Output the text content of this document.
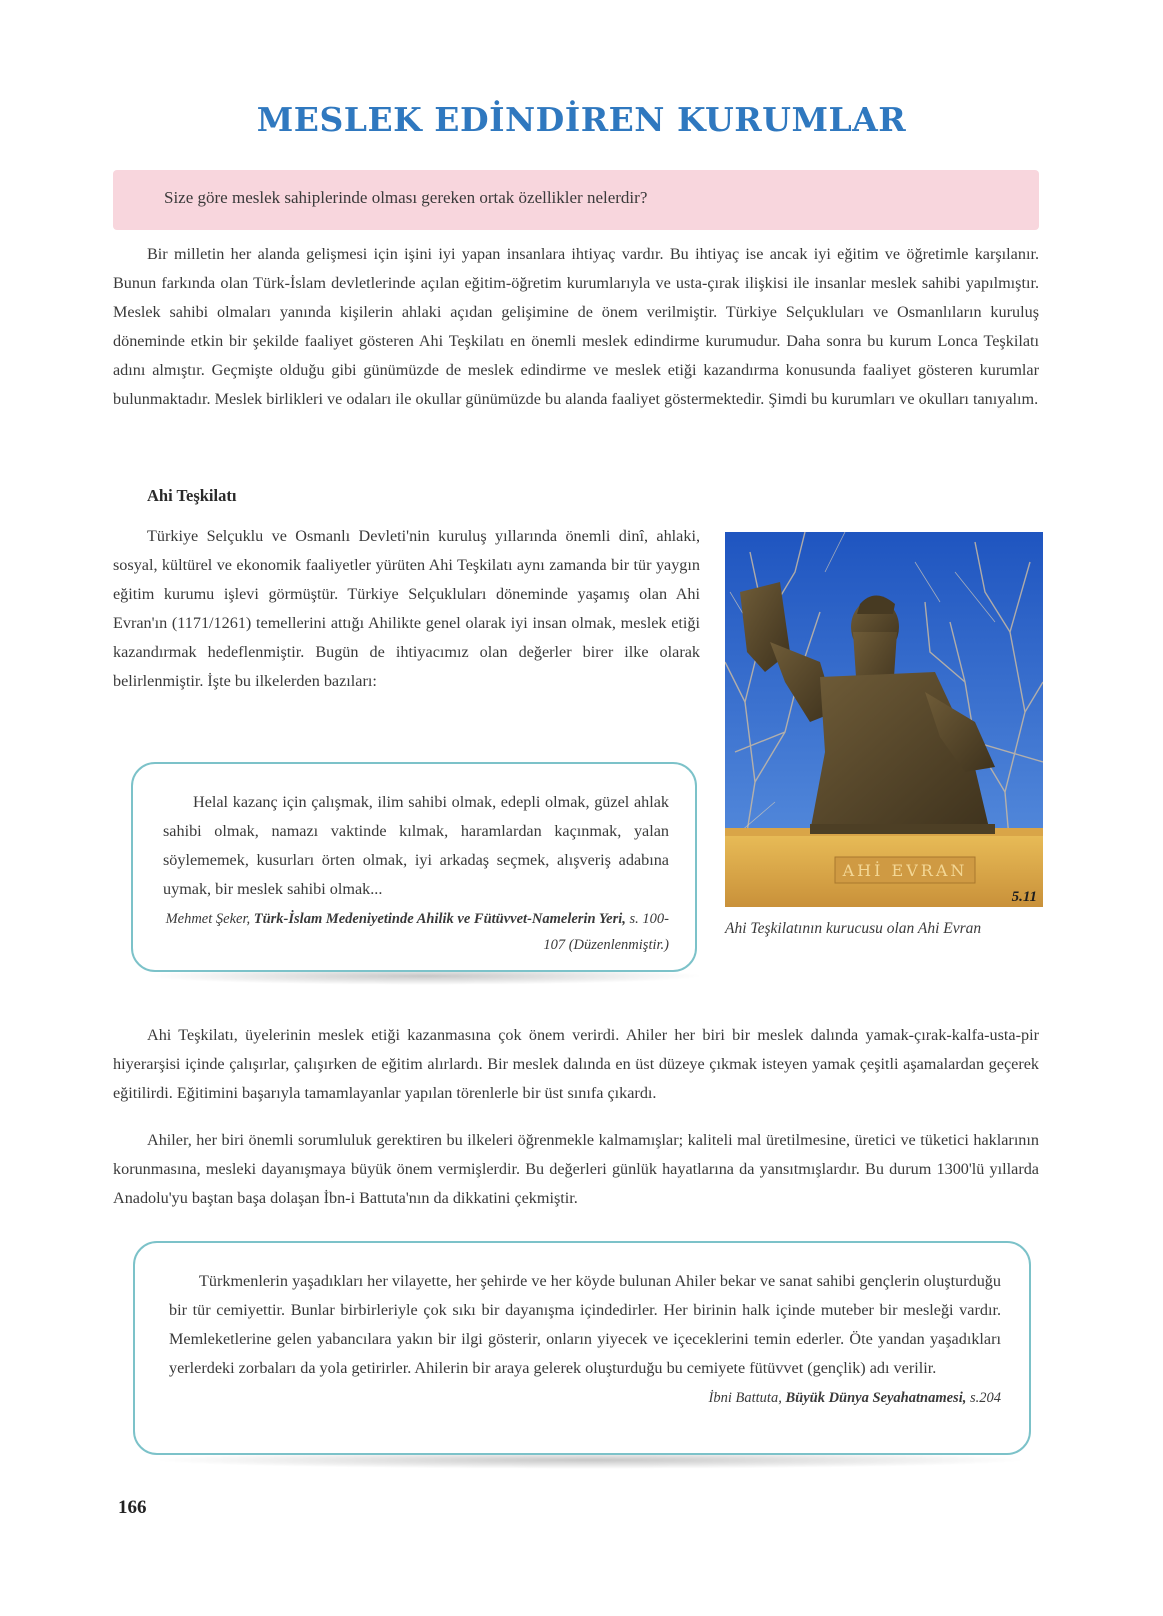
MESLEK EDİNDİREN KURUMLAR
Size göre meslek sahiplerinde olması gereken ortak özellikler nelerdir?

Bir milletin her alanda gelişmesi için işini iyi yapan insanlara ihtiyaç vardır. Bu ihtiyaç ise ancak iyi eğitim ve öğretimle karşılanır. Bunun farkında olan Türk-İslam devletlerinde açılan eğitim-öğretim kurumlarıyla ve usta-çırak ilişkisi ile insanlar meslek sahibi yapılmıştır. Meslek sahibi olmaları yanında kişilerin ahlaki açıdan gelişimine de önem verilmiştir. Türkiye Selçukluları ve Osmanlıların kuruluş döneminde etkin bir şekilde faaliyet gösteren Ahi Teşkilatı en önemli meslek edindirme kurumudur. Daha sonra bu kurum Lonca Teşkilatı adını almıştır. Geçmişte olduğu gibi günümüzde de meslek edindirme ve meslek etiği kazandırma konusunda faaliyet gösteren kurumlar bulunmaktadır. Meslek birlikleri ve odaları ile okullar günümüzde bu alanda faaliyet göstermektedir. Şimdi bu kurumları ve okulları tanıyalım.

Ahi Teşkilatı

Türkiye Selçuklu ve Osmanlı Devleti'nin kuruluş yıllarında önemli dinî, ahlaki, sosyal, kültürel ve ekonomik faaliyetler yürüten Ahi Teşkilatı aynı zamanda bir tür yaygın eğitim kurumu işlevi görmüştür. Türkiye Selçukluları döneminde yaşamış olan Ahi Evran'ın (1171/1261) temellerini attığı Ahilikte genel olarak iyi insan olmak, meslek etiği kazandırmak hedeflenmiştir. Bugün de ihtiyacımız olan değerler birer ilke olarak belirlenmiştir. İşte bu ilkelerden bazıları:

AHİ EVRAN
5.11
Ahi Teşkilatının kurucusu olan Ahi Evran

Helal kazanç için çalışmak, ilim sahibi olmak, edepli olmak, güzel ahlak sahibi olmak, namazı vaktinde kılmak, haramlardan kaçınmak, yalan söylememek, kusurları örten olmak, iyi arkadaş seçmek, alışveriş adabına uymak, bir meslek sahibi olmak...

Mehmet Şeker, Türk-İslam Medeniyetinde Ahilik ve Fütüvvet-Namelerin Yeri, s. 100-107 (Düzenlenmiştir.)

Ahi Teşkilatı, üyelerinin meslek etiği kazanmasına çok önem verirdi. Ahiler her biri bir meslek dalında yamak-çırak-kalfa-usta-pir hiyerarşisi içinde çalışırlar, çalışırken de eğitim alırlardı. Bir meslek dalında en üst düzeye çıkmak isteyen yamak çeşitli aşamalardan geçerek eğitilirdi. Eğitimini başarıyla tamamlayanlar yapılan törenlerle bir üst sınıfa çıkardı.

Ahiler, her biri önemli sorumluluk gerektiren bu ilkeleri öğrenmekle kalmamışlar; kaliteli mal üretilmesine, üretici ve tüketici haklarının korunmasına, mesleki dayanışmaya büyük önem vermişlerdir. Bu değerleri günlük hayatlarına da yansıtmışlardır. Bu durum 1300'lü yıllarda Anadolu'yu baştan başa dolaşan İbn-i Battuta'nın da dikkatini çekmiştir.

Türkmenlerin yaşadıkları her vilayette, her şehirde ve her köyde bulunan Ahiler bekar ve sanat sahibi gençlerin oluşturduğu bir tür cemiyettir. Bunlar birbirleriyle çok sıkı bir dayanışma içindedirler. Her birinin halk içinde muteber bir mesleği vardır. Memleketlerine gelen yabancılara yakın bir ilgi gösterir, onların yiyecek ve içeceklerini temin ederler. Öte yandan yaşadıkları yerlerdeki zorbaları da yola getirirler. Ahilerin bir araya gelerek oluşturduğu bu cemiyete fütüvvet (gençlik) adı verilir.

İbni Battuta, Büyük Dünya Seyahatnamesi, s.204

166
